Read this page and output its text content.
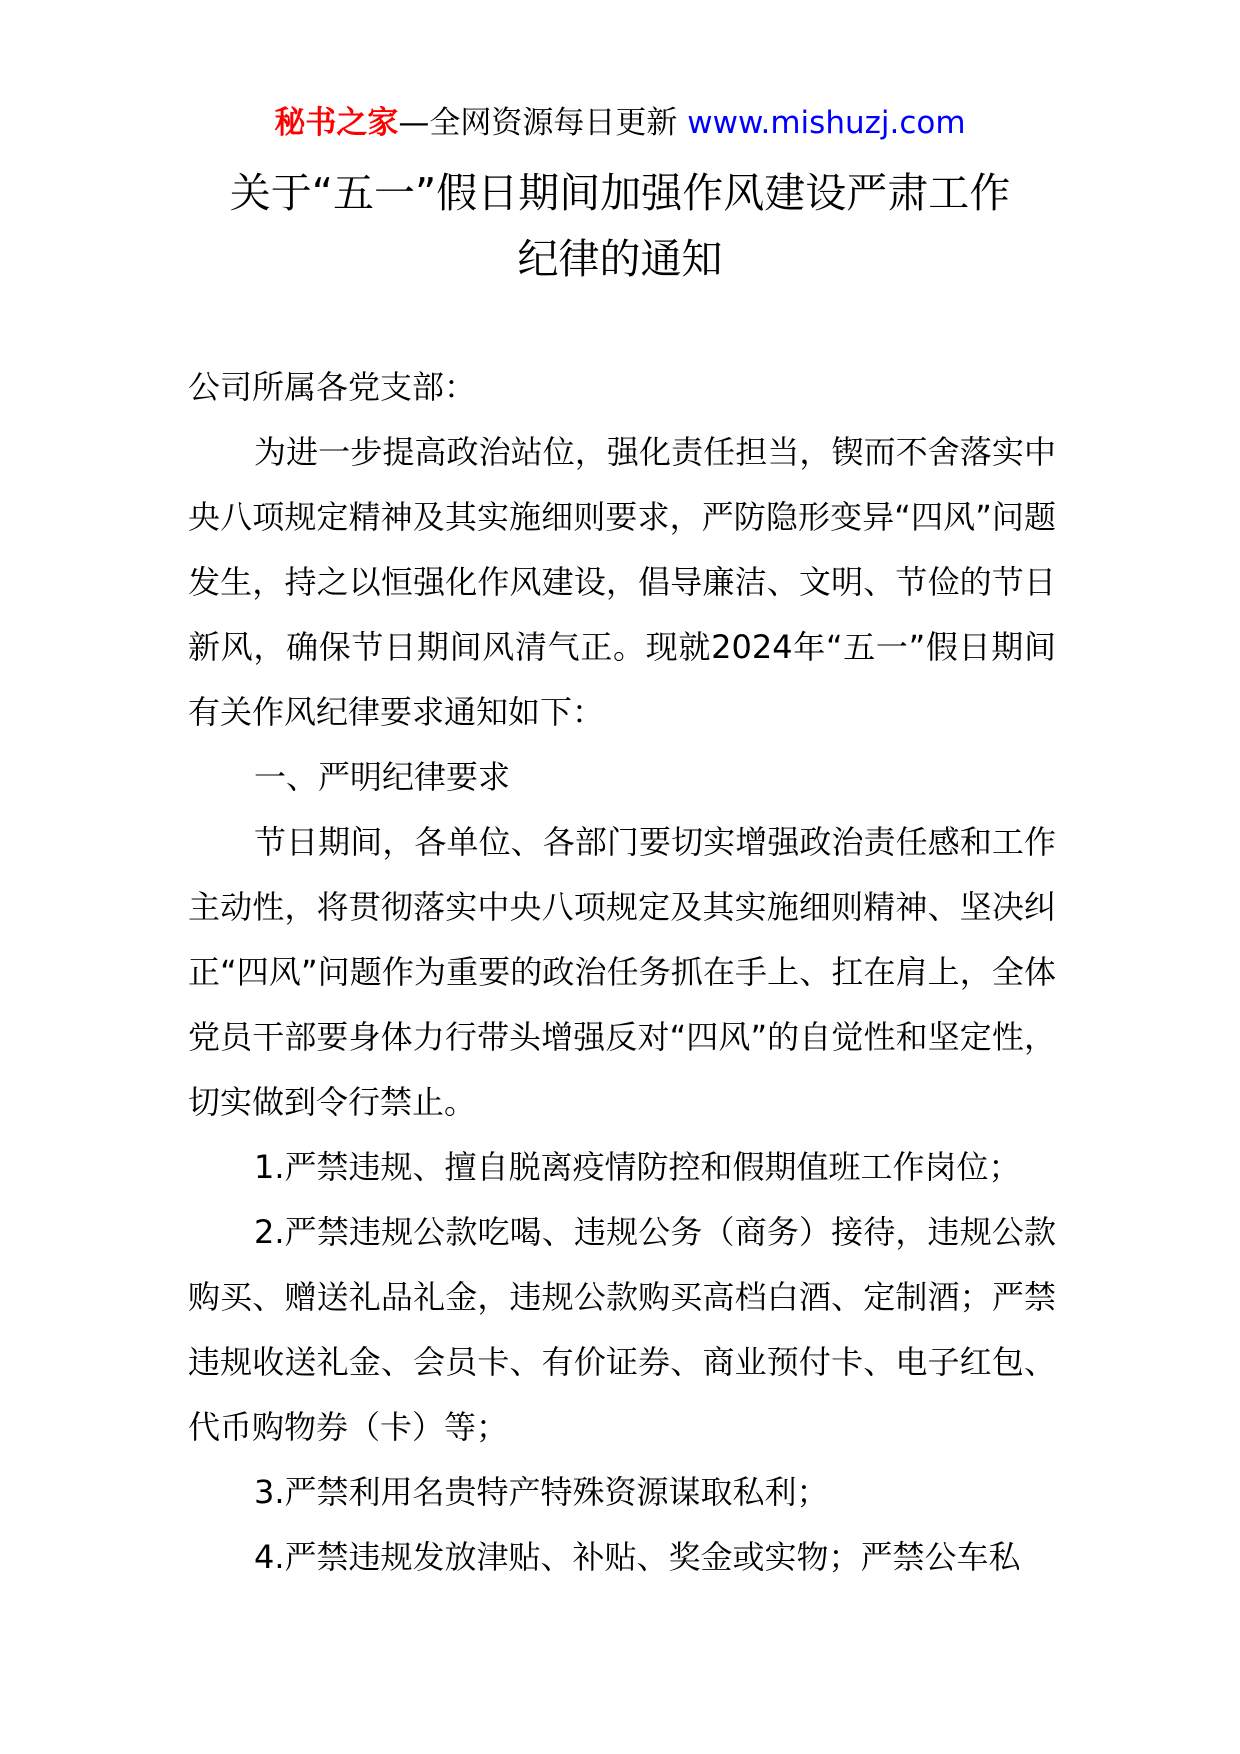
秘书之家—全网资源每日更新 www.mishuzj.com
关于“五一”假日期间加强作风建设严肃工作
纪律的通知

公司所属各党支部：

为进一步提高政治站位，强化责任担当，锲而不舍落实中央八项规定精神及其实施细则要求，严防隐形变异“四风”问题发生，持之以恒强化作风建设，倡导廉洁、文明、节俭的节日新风，确保节日期间风清气正。现就2024年“五一”假日期间有关作风纪律要求通知如下：

一、严明纪律要求

节日期间，各单位、各部门要切实增强政治责任感和工作主动性，将贯彻落实中央八项规定及其实施细则精神、坚决纠正“四风”问题作为重要的政治任务抓在手上、扛在肩上，全体党员干部要身体力行带头增强反对“四风”的自觉性和坚定性，切实做到令行禁止。

1.严禁违规、擅自脱离疫情防控和假期值班工作岗位；

2.严禁违规公款吃喝、违规公务（商务）接待，违规公款购买、赠送礼品礼金，违规公款购买高档白酒、定制酒；严禁违规收送礼金、会员卡、有价证券、商业预付卡、电子红包、代币购物券（卡）等；

3.严禁利用名贵特产特殊资源谋取私利；

4.严禁违规发放津贴、补贴、奖金或实物；严禁公车私
